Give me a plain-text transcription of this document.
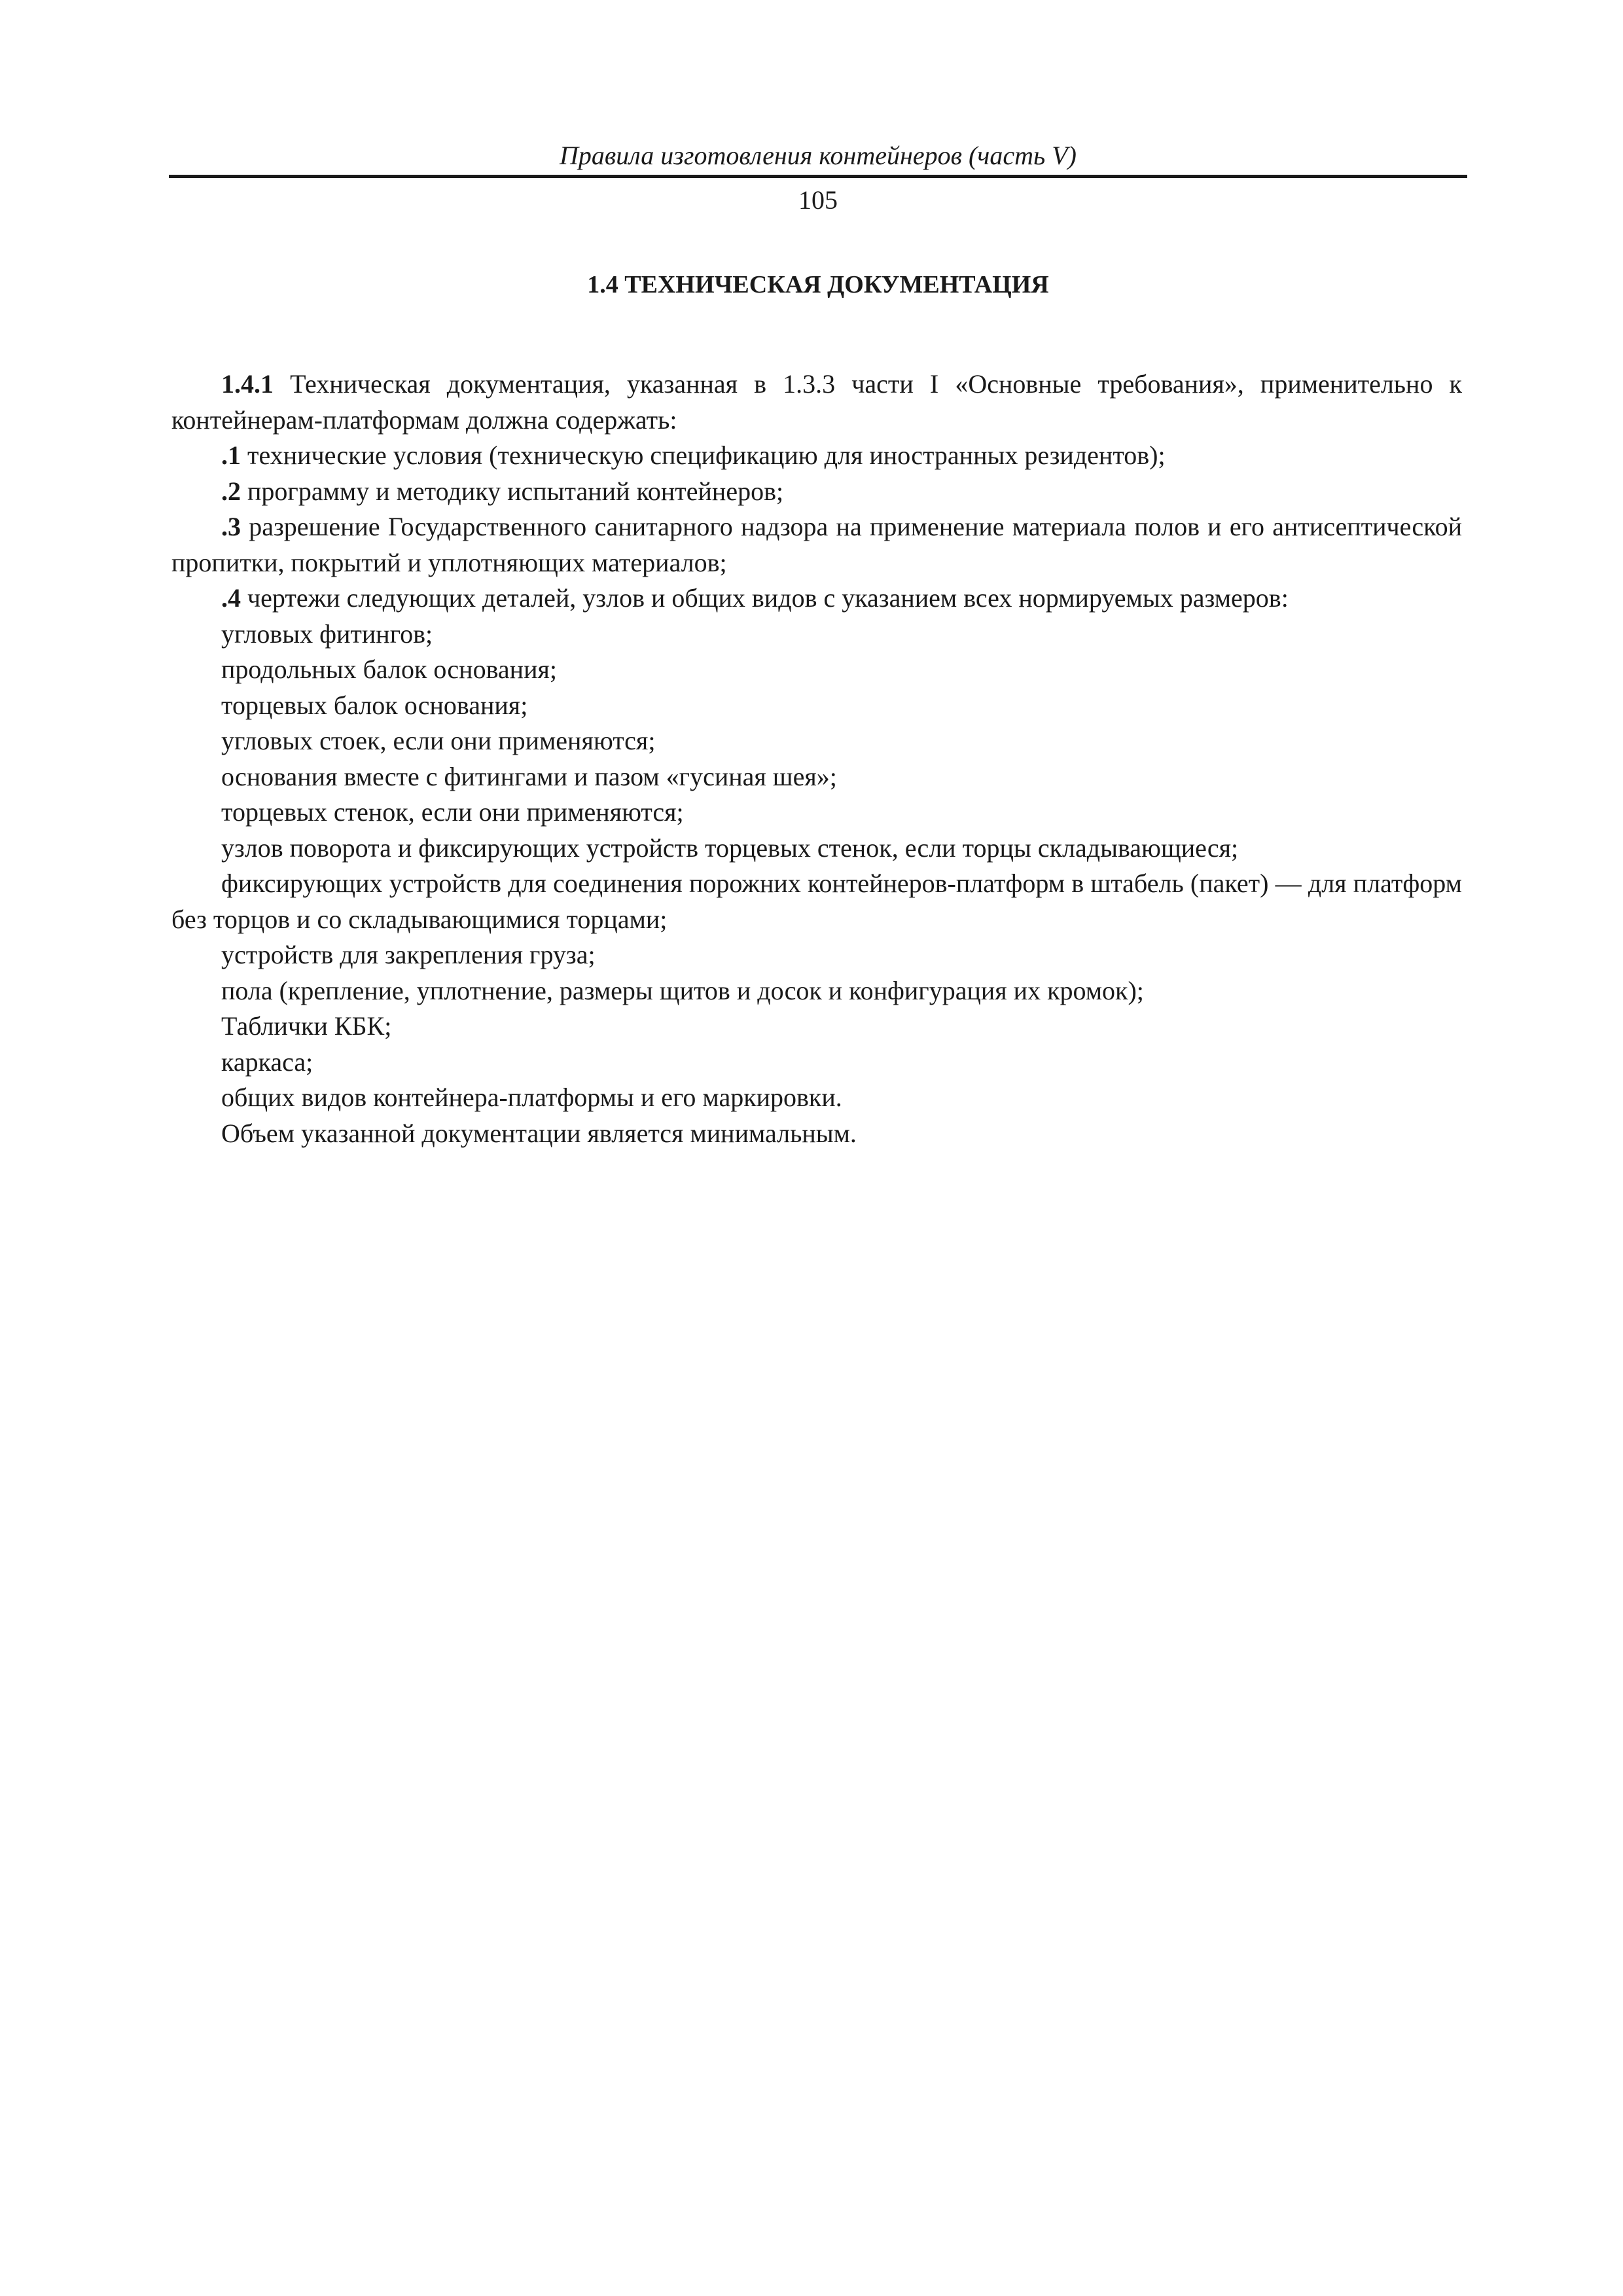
Правила изготовления контейнеров (часть V)
105
1.4 ТЕХНИЧЕСКАЯ ДОКУМЕНТАЦИЯ

1.4.1 Техническая документация, указанная в 1.3.3 части I «Основные требования», применительно к контейнерам-платформам должна содержать:

.1 технические условия (техническую спецификацию для иностранных резидентов);

.2 программу и методику испытаний контейнеров;

.3 разрешение Государственного санитарного надзора на применение материала полов и его антисептической пропитки, покрытий и уплотняющих материалов;

.4 чертежи следующих деталей, узлов и общих видов с указанием всех нормируемых размеров:

угловых фитингов;

продольных балок основания;

торцевых балок основания;

угловых стоек, если они применяются;

основания вместе с фитингами и пазом «гусиная шея»;

торцевых стенок, если они применяются;

узлов поворота и фиксирующих устройств торцевых стенок, если торцы складывающиеся;

фиксирующих устройств для соединения порожних контейнеров-платформ в штабель (пакет) — для платформ без торцов и со складывающимися торцами;

устройств для закрепления груза;

пола (крепление, уплотнение, размеры щитов и досок и конфигурация их кромок);

Таблички КБК;

каркаса;

общих видов контейнера-платформы и его маркировки.

Объем указанной документации является минимальным.
